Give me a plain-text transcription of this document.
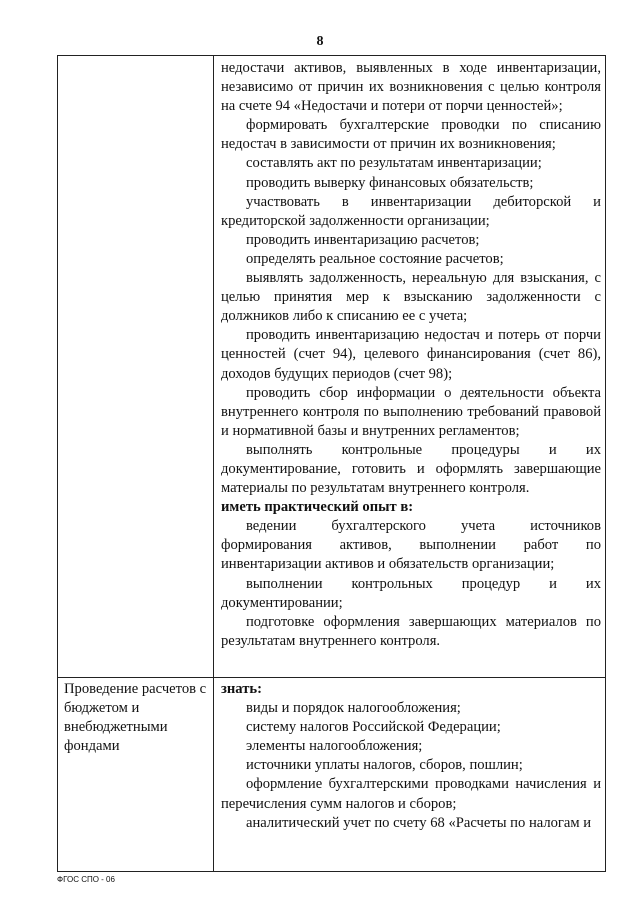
8

недостачи активов, выявленных в ходе инвентаризации, независимо от причин их возникновения с целью контроля на счете 94 «Недостачи и потери от порчи ценностей»;

формировать бухгалтерские проводки по списанию недостач в зависимости от причин их возникновения;

составлять акт по результатам инвентаризации;

проводить выверку финансовых обязательств;

участвовать в инвентаризации дебиторской и кредиторской задолженности организации;

проводить инвентаризацию расчетов;

определять реальное состояние расчетов;

выявлять задолженность, нереальную для взыскания, с целью принятия мер к взысканию задолженности с должников либо к списанию ее с учета;

проводить инвентаризацию недостач и потерь от порчи ценностей (счет 94), целевого финансирования (счет 86), доходов будущих периодов (счет 98);

проводить сбор информации о деятельности объекта внутреннего контроля по выполнению требований правовой и нормативной базы и внутренних регламентов;

выполнять контрольные процедуры и их документирование, готовить и оформлять завершающие материалы по результатам внутреннего контроля.

иметь практический опыт в:

ведении бухгалтерского учета источников формирования активов, выполнении работ по инвентаризации активов и обязательств организации;

выполнении контрольных процедур и их документировании;

подготовке оформления завершающих материалов по результатам внутреннего контроля.

Проведение расчетов с бюджетом и внебюджетными фондами

знать:

виды и порядок налогообложения;

систему налогов Российской Федерации;

элементы налогообложения;

источники уплаты налогов, сборов, пошлин;

оформление бухгалтерскими проводками начисления и перечисления сумм налогов и сборов;

аналитический учет по счету 68 «Расчеты по налогам и

ФГОС СПО - 06
